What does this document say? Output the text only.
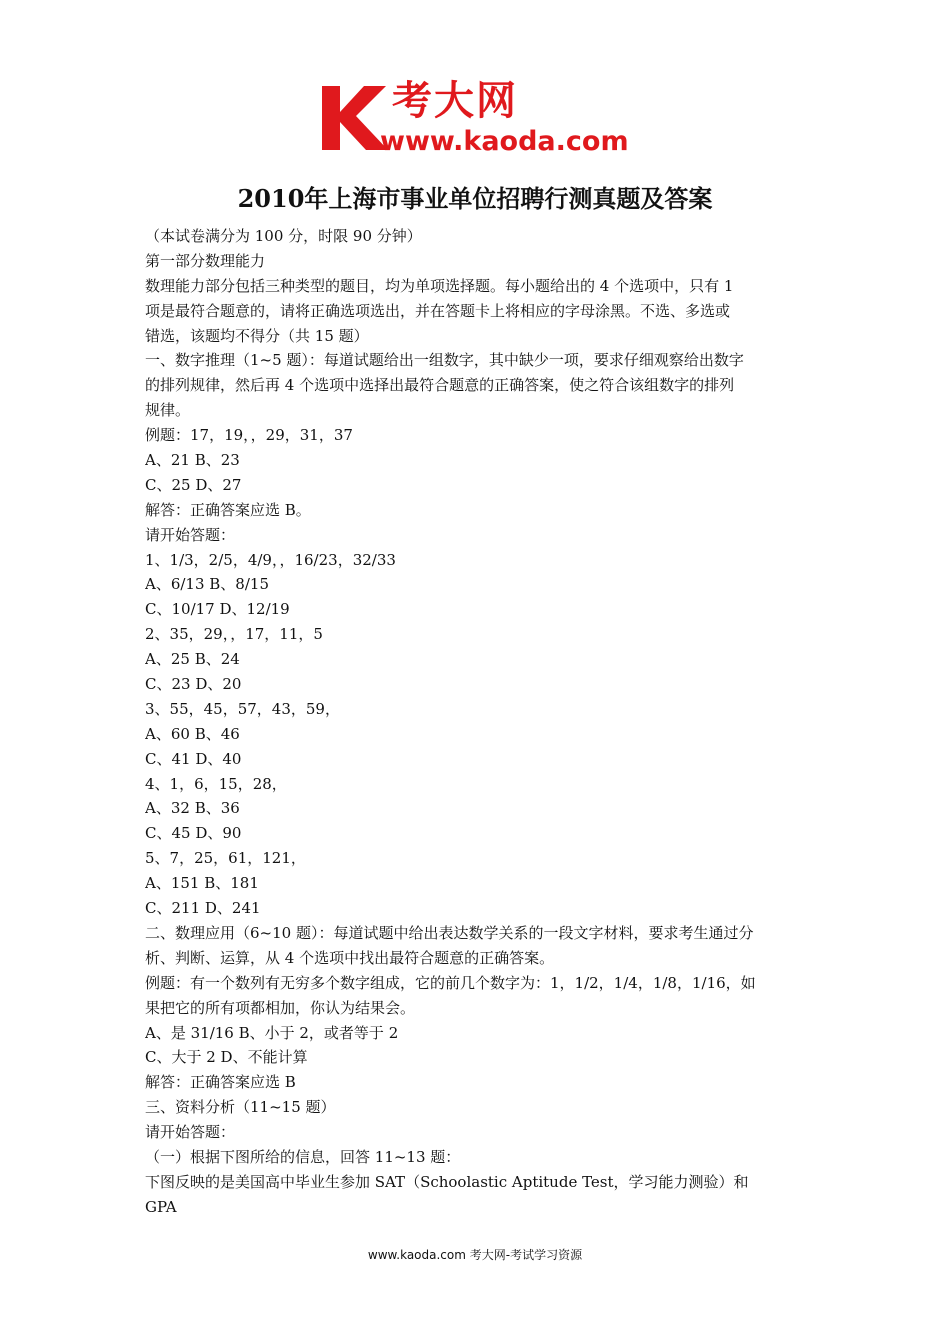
考大网
www.kaoda.com
2010年上海市事业单位招聘行测真题及答案
（本试卷满分为 100 分，时限 90 分钟）
第一部分数理能力
数理能力部分包括三种类型的题目，均为单项选择题。每小题给出的 4 个选项中，只有 1
项是最符合题意的，请将正确选项选出，并在答题卡上将相应的字母涂黑。不选、多选或
错选，该题均不得分（共 15 题）
一、数字推理（1~5 题）：每道试题给出一组数字，其中缺少一项，要求仔细观察给出数字
的排列规律，然后再 4 个选项中选择出最符合题意的正确答案，使之符合该组数字的排列
规律。
例题：17，19，，29，31，37
A、21 B、23
C、25 D、27
解答：正确答案应选 B。
请开始答题：
1、1/3，2/5，4/9，，16/23，32/33
A、6/13 B、8/15
C、10/17 D、12/19
2、35，29，，17，11，5
A、25 B、24
C、23 D、20
3、55，45，57，43，59，
A、60 B、46
C、41 D、40
4、1，6，15，28，
A、32 B、36
C、45 D、90
5、7，25，61，121，
A、151 B、181
C、211 D、241
二、数理应用（6~10 题）：每道试题中给出表达数学关系的一段文字材料，要求考生通过分
析、判断、运算，从 4 个选项中找出最符合题意的正确答案。
例题：有一个数列有无穷多个数字组成，它的前几个数字为：1，1/2，1/4，1/8，1/16，如
果把它的所有项都相加，你认为结果会。
A、是 31/16 B、小于 2，或者等于 2
C、大于 2 D、不能计算
解答：正确答案应选 B
三、资料分析（11~15 题）
请开始答题：
（一）根据下图所给的信息，回答 11~13 题：
下图反映的是美国高中毕业生参加 SAT（Schoolastic Aptitude Test，学习能力测验）和
GPA
www.kaoda.com 考大网-考试学习资源
